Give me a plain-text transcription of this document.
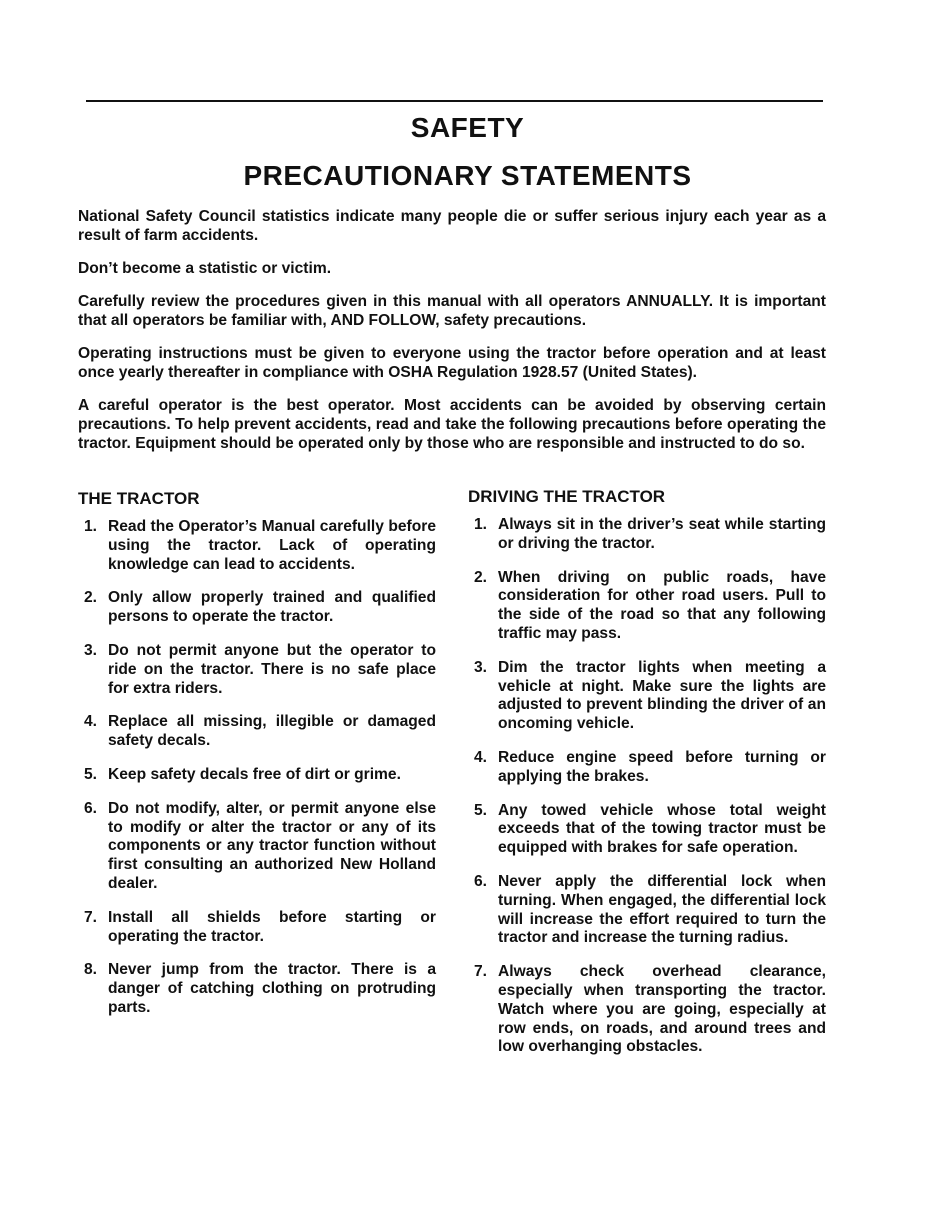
SAFETY
PRECAUTIONARY STATEMENTS

National Safety Council statistics indicate many people die or suffer serious injury each year as a result of farm accidents.

Don’t become a statistic or victim.

Carefully review the procedures given in this manual with all operators ANNUALLY. It is important that all operators be familiar with, AND FOLLOW, safety precautions.

Operating instructions must be given to everyone using the tractor before operation and at least once yearly thereafter in compliance with OSHA Regulation 1928.57 (United States).

A careful operator is the best operator. Most accidents can be avoided by observing certain precautions. To help prevent accidents, read and take the following precautions before operating the tractor. Equipment should be operated only by those who are responsible and instructed to do so.

THE TRACTOR
1. Read the Operator’s Manual carefully before using the tractor. Lack of operating knowledge can lead to accidents.
2. Only allow properly trained and qualified persons to operate the tractor.
3. Do not permit anyone but the operator to ride on the tractor. There is no safe place for extra riders.
4. Replace all missing, illegible or damaged safety decals.
5. Keep safety decals free of dirt or grime.
6. Do not modify, alter, or permit anyone else to modify or alter the tractor or any of its components or any tractor function without first consulting an authorized New Holland dealer.
7. Install all shields before starting or operating the tractor.
8. Never jump from the tractor. There is a danger of catching clothing on protruding parts.
DRIVING THE TRACTOR
1. Always sit in the driver’s seat while starting or driving the tractor.
2. When driving on public roads, have consideration for other road users. Pull to the side of the road so that any following traffic may pass.
3. Dim the tractor lights when meeting a vehicle at night. Make sure the lights are adjusted to prevent blinding the driver of an oncoming vehicle.
4. Reduce engine speed before turning or applying the brakes.
5. Any towed vehicle whose total weight exceeds that of the towing tractor must be equipped with brakes for safe operation.
6. Never apply the differential lock when turning. When engaged, the differential lock will increase the effort required to turn the tractor and increase the turning radius.
7. Always check overhead clearance, especially when transporting the tractor. Watch where you are going, especially at row ends, on roads, and around trees and low overhanging obstacles.
